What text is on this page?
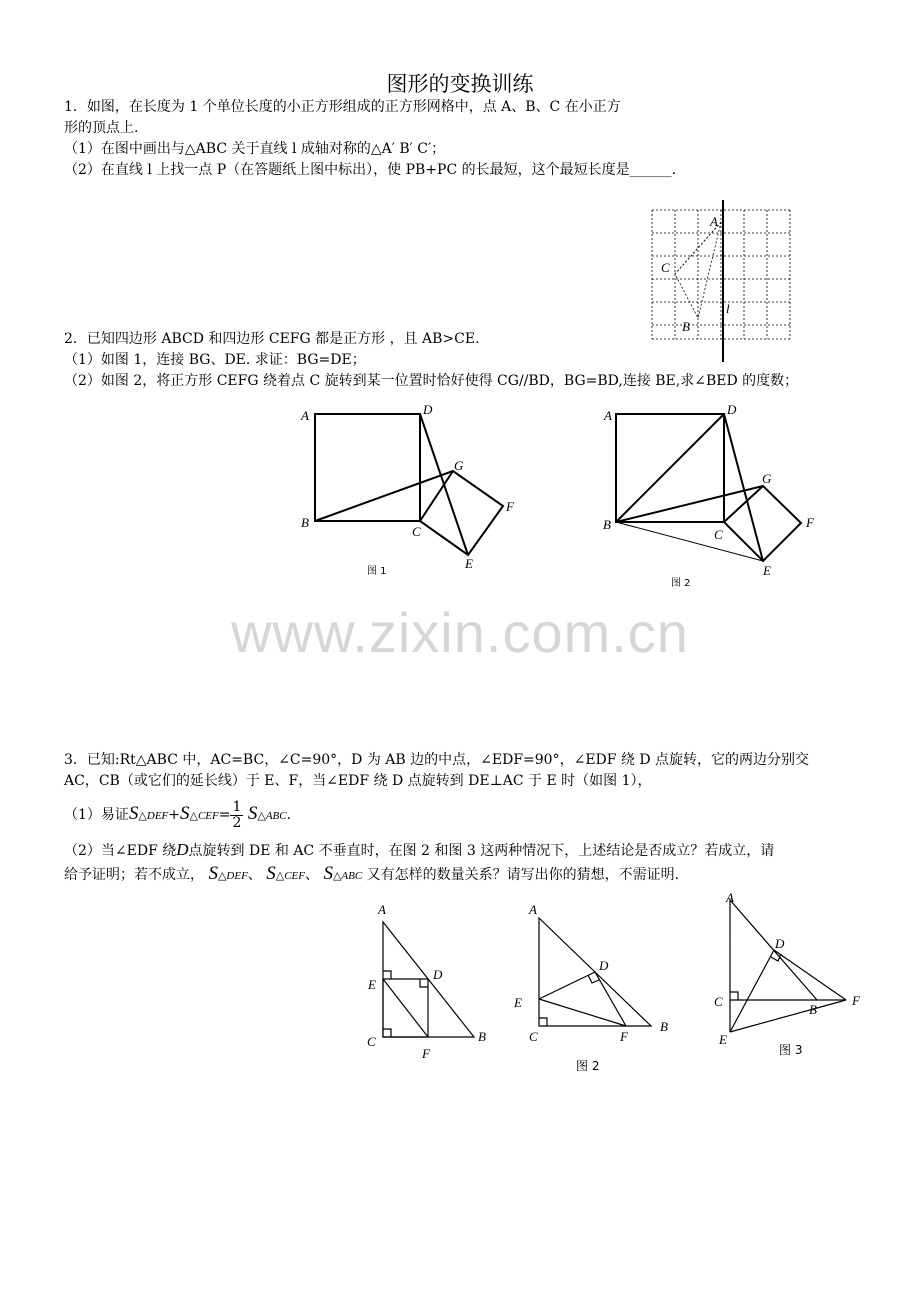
图形的变换训练
1．如图，在长度为 1 个单位长度的小正方形组成的正方形网格中，点 A、B、C 在小正方
形的顶点上.
（1）在图中画出与△ABC 关于直线 l 成轴对称的△A′ B′ C′；
（2）在直线 l 上找一点 P（在答题纸上图中标出），使 PB+PC 的长最短，这个最短长度是______.
A
C
B
l
2．已知四边形 ABCD 和四边形 CEFG 都是正方形 ，且 AB>CE.
（1）如图 1，连接 BG、DE. 求证：BG=DE；
（2）如图 2，将正方形 CEFG 绕着点 C 旋转到某一位置时恰好使得 CG//BD，BG=BD,连接 BE,求∠BED 的度数；
A	D
G
F
B
C
E
图 1
A	D
G
F
B
C
E
图 2
www.zixin.com.cn
3．已知:Rt△ABC 中，AC=BC，∠C=90°，D 为 AB 边的中点，∠EDF=90°，∠EDF 绕 D 点旋转，它的两边分别交
AC，CB（或它们的延长线）于 E、F，当∠EDF 绕 D 点旋转到 DE⊥AC 于 E 时（如图 1），
（1）易证S△DEF+S△CEF= $\frac{1}{2}$ S△ABC.
（2）当∠EDF 绕D点旋转到 DE 和 AC 不垂直时，在图 2 和图 3 这两种情况下，上述结论是否成立？若成立，请
给予证明；若不成立， S△DEF、 S△CEF、 S△ABC 又有怎样的数量关系？请写出你的猜想，不需证明.
A
E
D
C
F
B
A
D
E
C	F
B
图 2
A
D
C
B
F
E
图 3
